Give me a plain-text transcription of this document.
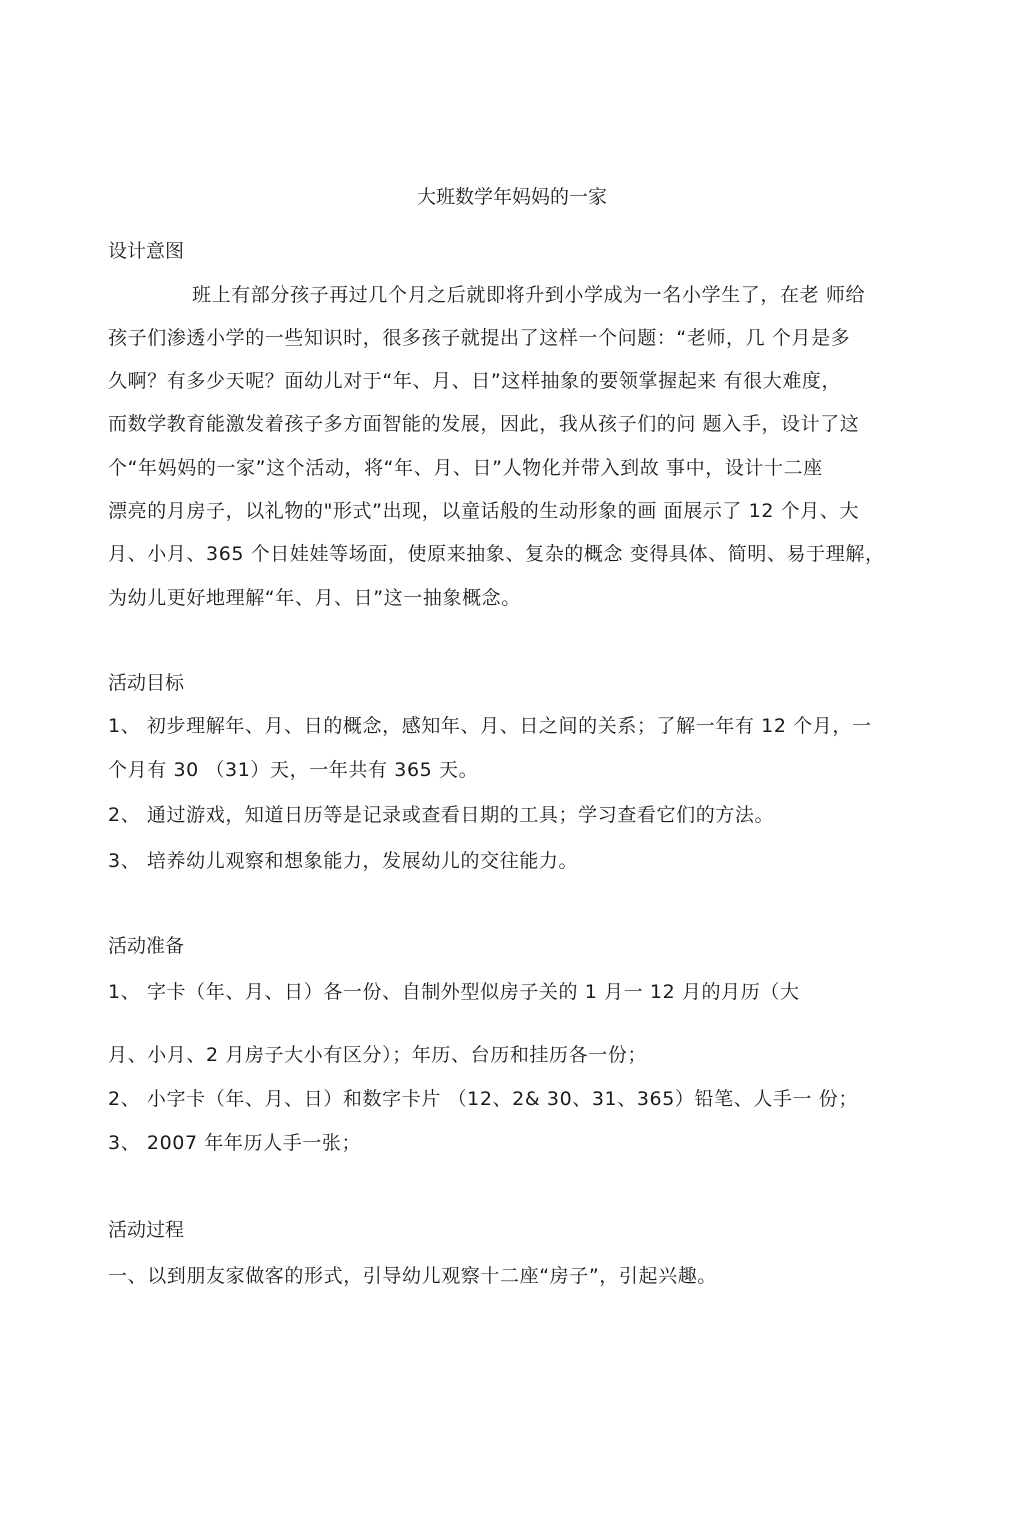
大班数学年妈妈的一家
设计意图
班上有部分孩子再过几个月之后就即将升到小学成为一名小学生了，在老 师给
孩子们渗透小学的一些知识时，很多孩子就提出了这样一个问题：“老师，几 个月是多
久啊？有多少天呢？面幼儿对于“年、月、日”这样抽象的要领掌握起来 有很大难度，
而数学教育能激发着孩子多方面智能的发展，因此，我从孩子们的问 题入手，设计了这
个“年妈妈的一家”这个活动，将“年、月、日”人物化并带入到故 事中，设计十二座
漂亮的月房子，以礼物的"形式”出现，以童话般的生动形象的画 面展示了 12 个月、大
月、小月、365 个日娃娃等场面，使原来抽象、复杂的概念 变得具体、简明、易于理解，
为幼儿更好地理解“年、月、日”这一抽象概念。
活动目标
1、 初步理解年、月、日的概念，感知年、月、日之间的关系；了解一年有 12 个月，一
个月有 30 （31）天，一年共有 365 天。
2、 通过游戏，知道日历等是记录或查看日期的工具；学习查看它们的方法。
3、 培养幼儿观察和想象能力，发展幼儿的交往能力。
活动准备
1、 字卡（年、月、日）各一份、自制外型似房子关的 1 月一 12 月的月历（大
月、小月、2 月房子大小有区分）；年历、台历和挂历各一份；
2、 小字卡（年、月、日）和数字卡片 （12、2& 30、31、365）铅笔、人手一 份；
3、 2007 年年历人手一张；
活动过程
一、以到朋友家做客的形式，引导幼儿观察十二座“房子”，引起兴趣。
